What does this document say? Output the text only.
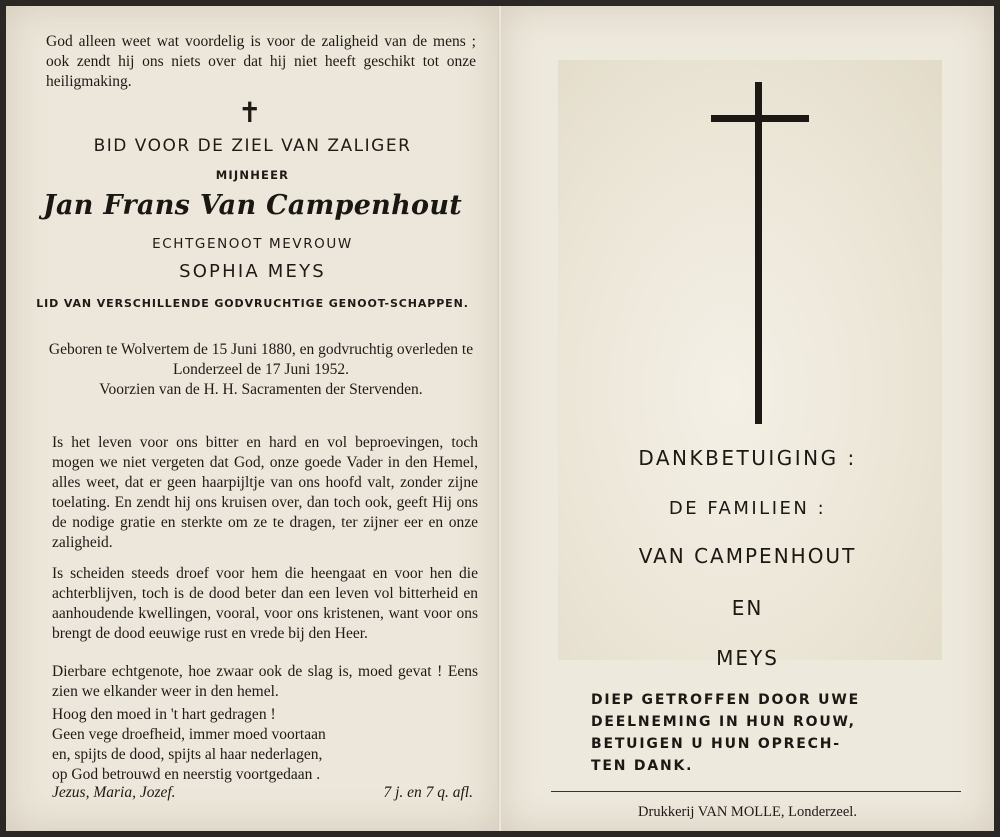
God alleen weet wat voordelig is voor de zaligheid van de mens ; ook zendt hij ons niets over dat hij niet heeft geschikt tot onze heiligmaking.
✝
BID VOOR DE ZIEL VAN ZALIGER
MIJNHEER
Jan Frans Van Campenhout
ECHTGENOOT MEVROUW
SOPHIA MEYS
LID VAN VERSCHILLENDE GODVRUCHTIGE GENOOT-SCHAPPEN.
Geboren te Wolvertem de 15 Juni 1880, en godvruchtig overleden te Londerzeel de 17 Juni 1952.
Voorzien van de H. H. Sacramenten der Stervenden.
Is het leven voor ons bitter en hard en vol beproevingen, toch mogen we niet vergeten dat God, onze goede Vader in den Hemel, alles weet, dat er geen haarpijltje van ons hoofd valt, zonder zijne toelating. En zendt hij ons kruisen over, dan toch ook, geeft Hij ons de nodige gratie en sterkte om ze te dragen, ter zijner eer en onze zaligheid.
Is scheiden steeds droef voor hem die heengaat en voor hen die achterblijven, toch is de dood beter dan een leven vol bitterheid en aanhoudende kwellingen, vooral, voor ons kristenen, want voor ons brengt de dood eeuwige rust en vrede bij den Heer.
Dierbare echtgenote, hoe zwaar ook de slag is, moed gevat ! Eens zien we elkander weer in den hemel.
Hoog den moed in 't hart gedragen !
Geen vege droefheid, immer moed voortaan
en, spijts de dood, spijts al haar nederlagen,
op God betrouwd en neerstig voortgedaan .
Jezus, Maria, Jozef.	7 j. en 7 q. afl.
DANKBETUIGING :
DE FAMILIEN :
VAN CAMPENHOUT
EN
MEYS
DIEP GETROFFEN DOOR UWE
DEELNEMING IN HUN ROUW,
BETUIGEN U HUN OPRECH-
TEN DANK.
Drukkerij VAN MOLLE, Londerzeel.
